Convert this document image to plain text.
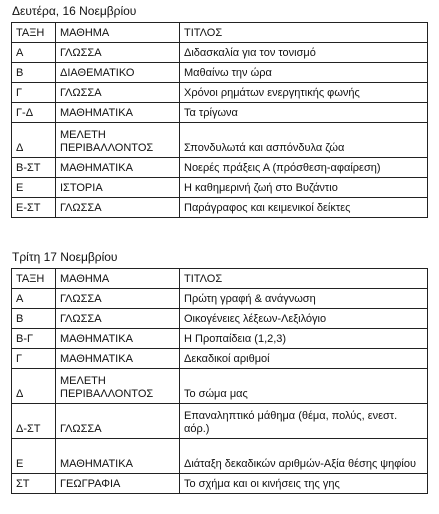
Δευτέρα, 16 Νοεμβρίου
ΤΑΞΗ	ΜΑΘΗΜΑ	ΤΙΤΛΟΣ
Α	ΓΛΩΣΣΑ	Διδασκαλία για τον τονισμό
Β	ΔΙΑΘΕΜΑΤΙΚΟ	Μαθαίνω την ώρα
Γ	ΓΛΩΣΣΑ	Χρόνοι ρημάτων ενεργητικής φωνής
Γ-Δ	ΜΑΘΗΜΑΤΙΚΑ	Τα τρίγωνα
Δ	ΜΕΛΕΤΗ ΠΕΡΙΒΑΛΛΟΝΤΟΣ	Σπονδυλωτά και ασπόνδυλα ζώα
Β-ΣΤ	ΜΑΘΗΜΑΤΙΚΑ	Νοερές πράξεις Α (πρόσθεση-αφαίρεση)
Ε	ΙΣΤΟΡΙΑ	Η καθημερινή ζωή στο Βυζάντιο
Ε-ΣΤ	ΓΛΩΣΣΑ	Παράγραφος και κειμενικοί δείκτες
Τρίτη 17 Νοεμβρίου
ΤΑΞΗ	ΜΑΘΗΜΑ	ΤΙΤΛΟΣ
Α	ΓΛΩΣΣΑ	Πρώτη γραφή & ανάγνωση
Β	ΓΛΩΣΣΑ	Οικογένειες λέξεων-Λεξιλόγιο
Β-Γ	ΜΑΘΗΜΑΤΙΚΑ	Η Προπαίδεια (1,2,3)
Γ	ΜΑΘΗΜΑΤΙΚΑ	Δεκαδικοί αριθμοί
Δ	ΜΕΛΕΤΗ ΠΕΡΙΒΑΛΛΟΝΤΟΣ	Το σώμα μας
Δ-ΣΤ	ΓΛΩΣΣΑ	Επαναληπτικό μάθημα (θέμα, πολύς, ενεστ. αόρ.)
Ε	ΜΑΘΗΜΑΤΙΚΑ	Διάταξη δεκαδικών αριθμών-Αξία θέσης ψηφίου
ΣΤ	ΓΕΩΓΡΑΦΙΑ	Το σχήμα και οι κινήσεις της γης
